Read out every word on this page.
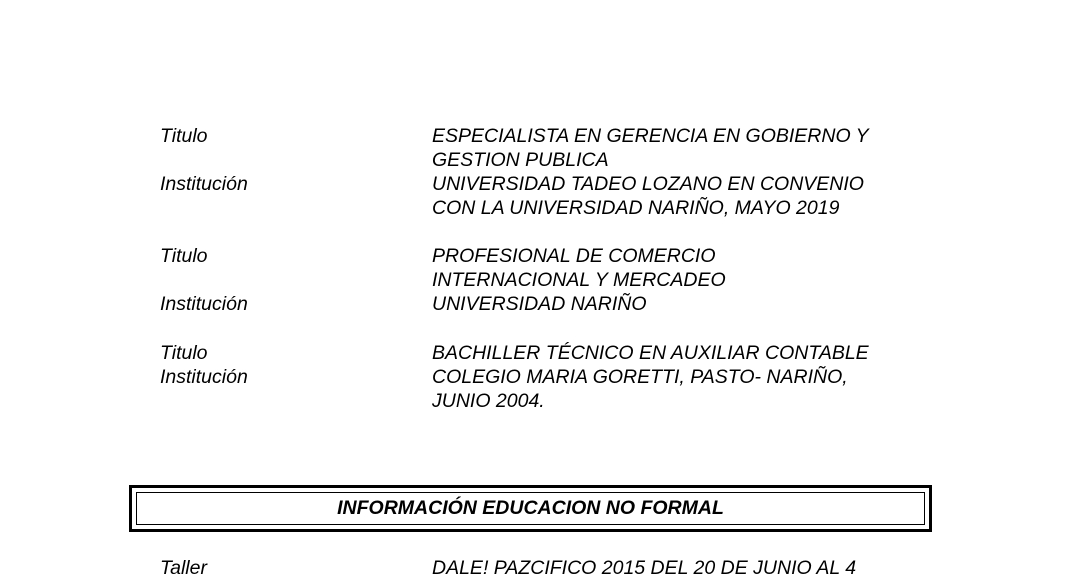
Titulo	ESPECIALISTA EN GERENCIA EN GOBIERNO Y
GESTION PUBLICA
Institución	UNIVERSIDAD TADEO LOZANO EN CONVENIO
CON LA UNIVERSIDAD NARIÑO, MAYO 2019
Titulo	PROFESIONAL DE COMERCIO
INTERNACIONAL Y MERCADEO
Institución	UNIVERSIDAD NARIÑO
Titulo	BACHILLER TÉCNICO EN AUXILIAR CONTABLE
Institución	COLEGIO MARIA GORETTI, PASTO- NARIÑO,
JUNIO 2004.
INFORMACIÓN EDUCACION NO FORMAL
Taller	DALE! PAZCIFICO 2015 DEL 20 DE JUNIO AL 4
